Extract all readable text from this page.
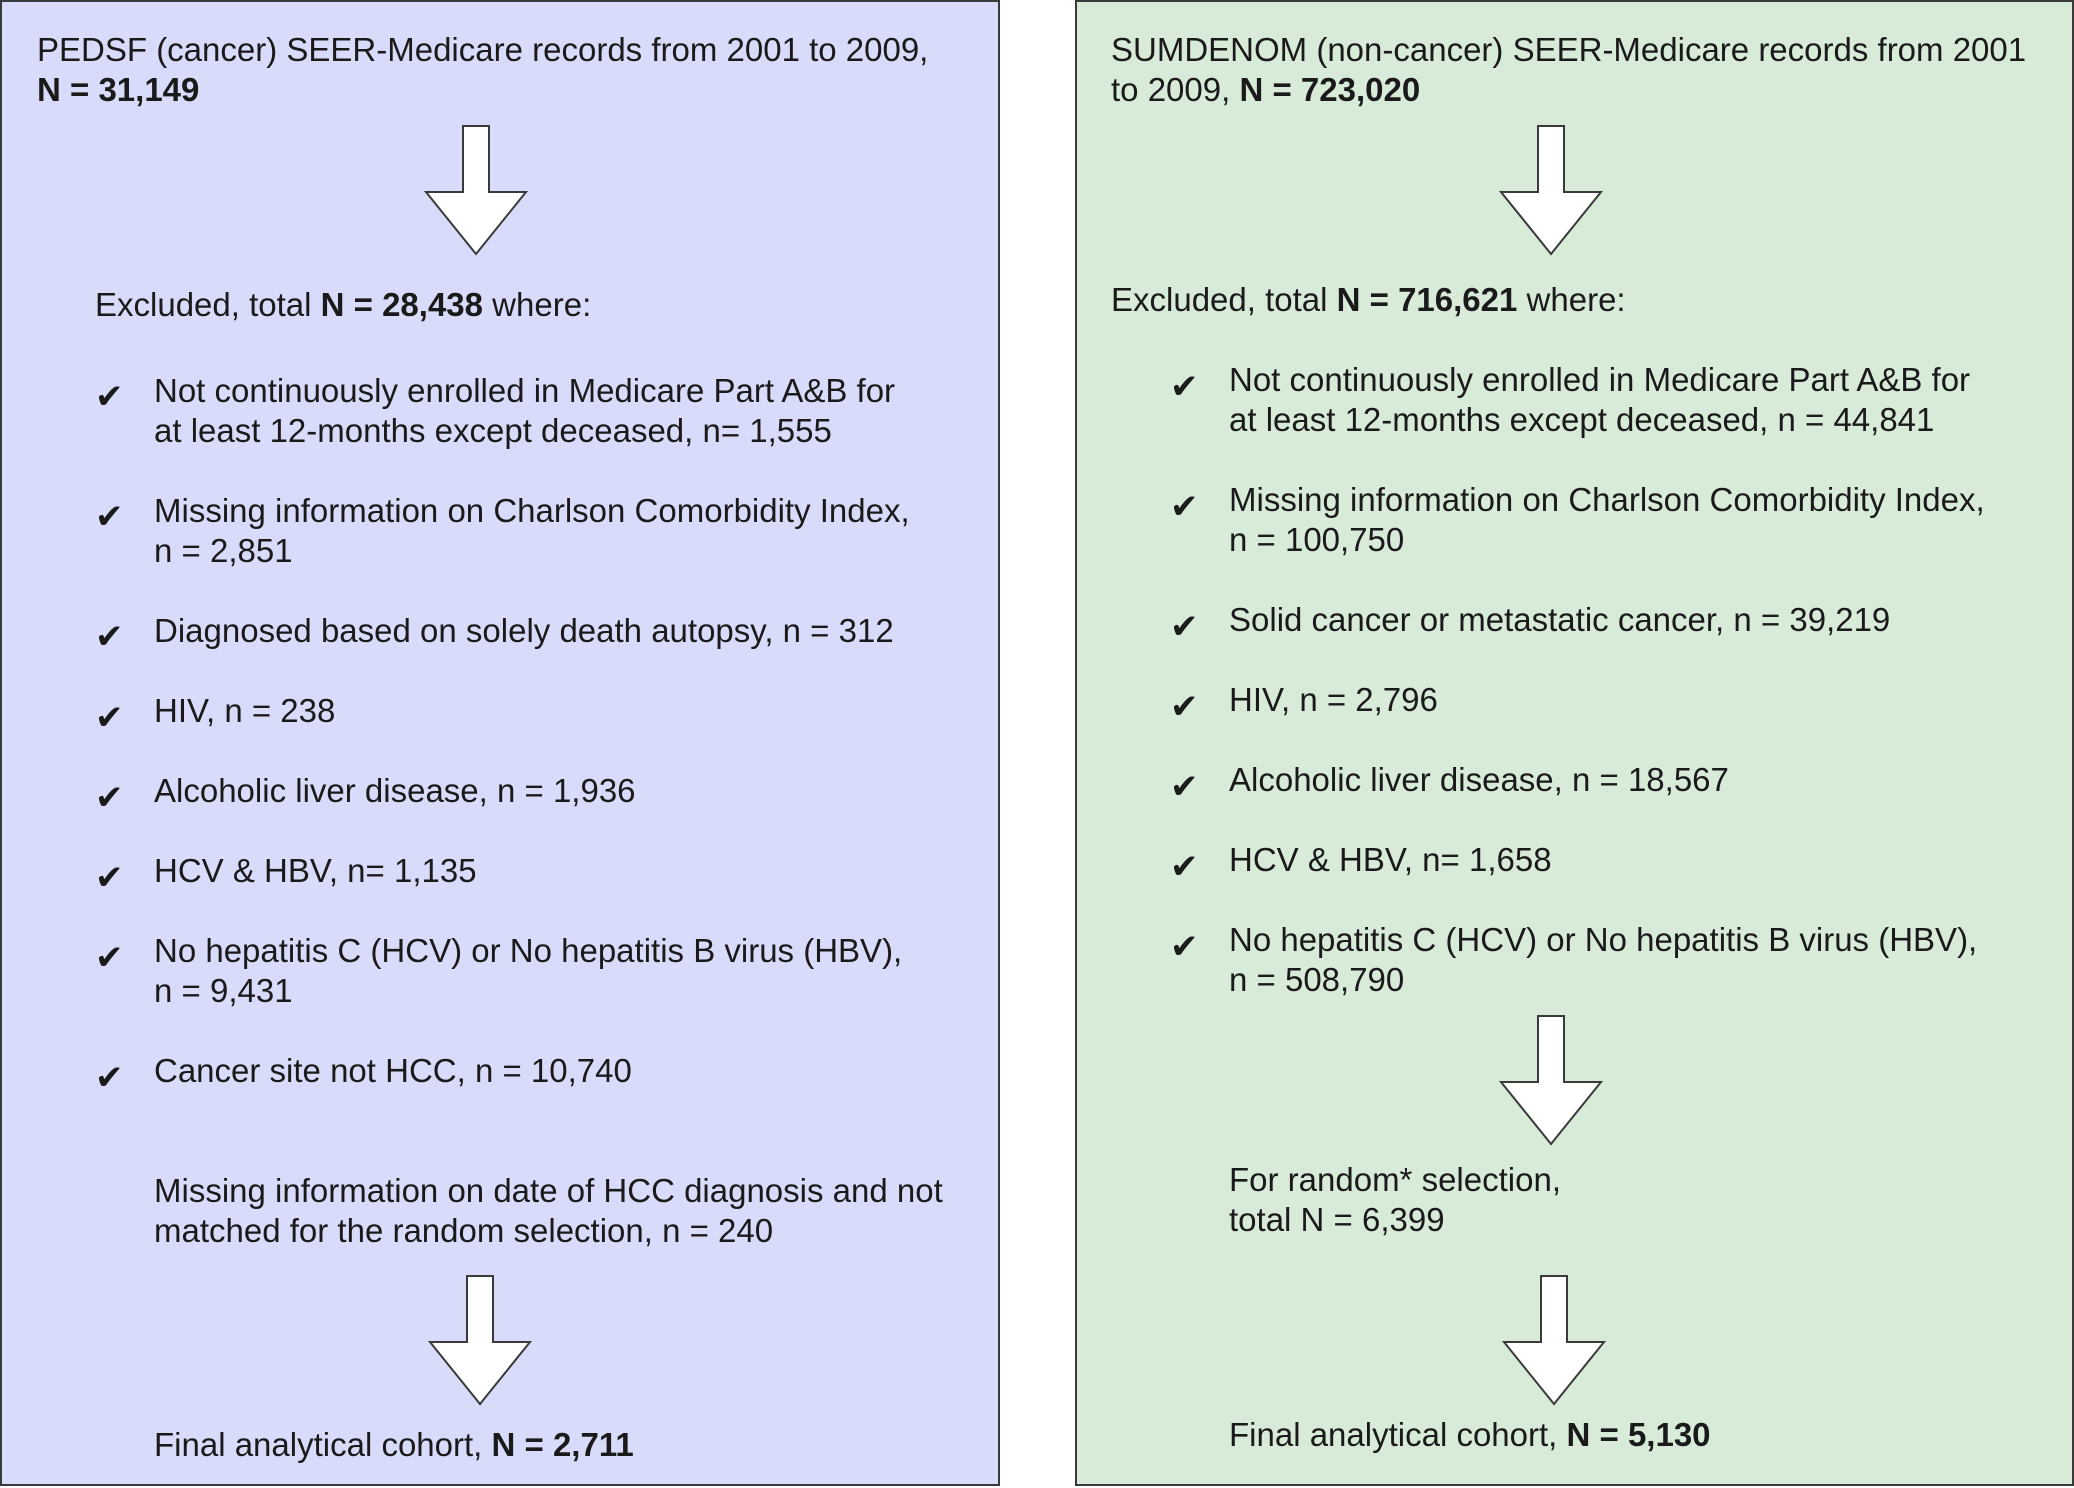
PEDSF (cancer) SEER-Medicare records from 2001 to 2009,
N = 31,149
Excluded, total N = 28,438 where:
✔ Not continuously enrolled in Medicare Part A&B for
at least 12-months except deceased, n= 1,555
✔ Missing information on Charlson Comorbidity Index,
n = 2,851
✔ Diagnosed based on solely death autopsy, n = 312
✔ HIV, n = 238
✔ Alcoholic liver disease, n = 1,936
✔ HCV & HBV, n= 1,135
✔ No hepatitis C (HCV) or No hepatitis B virus (HBV),
n = 9,431
✔ Cancer site not HCC, n = 10,740
Missing information on date of HCC diagnosis and not
matched for the random selection, n = 240
Final analytical cohort, N = 2,711
SUMDENOM (non-cancer) SEER-Medicare records from 2001
to 2009, N = 723,020
Excluded, total N = 716,621 where:
✔ Not continuously enrolled in Medicare Part A&B for
at least 12-months except deceased, n = 44,841
✔ Missing information on Charlson Comorbidity Index,
n = 100,750
✔ Solid cancer or metastatic cancer, n = 39,219
✔ HIV, n = 2,796
✔ Alcoholic liver disease, n = 18,567
✔ HCV & HBV, n= 1,658
✔ No hepatitis C (HCV) or No hepatitis B virus (HBV),
n = 508,790
For random* selection,
total N = 6,399
Final analytical cohort, N = 5,130
